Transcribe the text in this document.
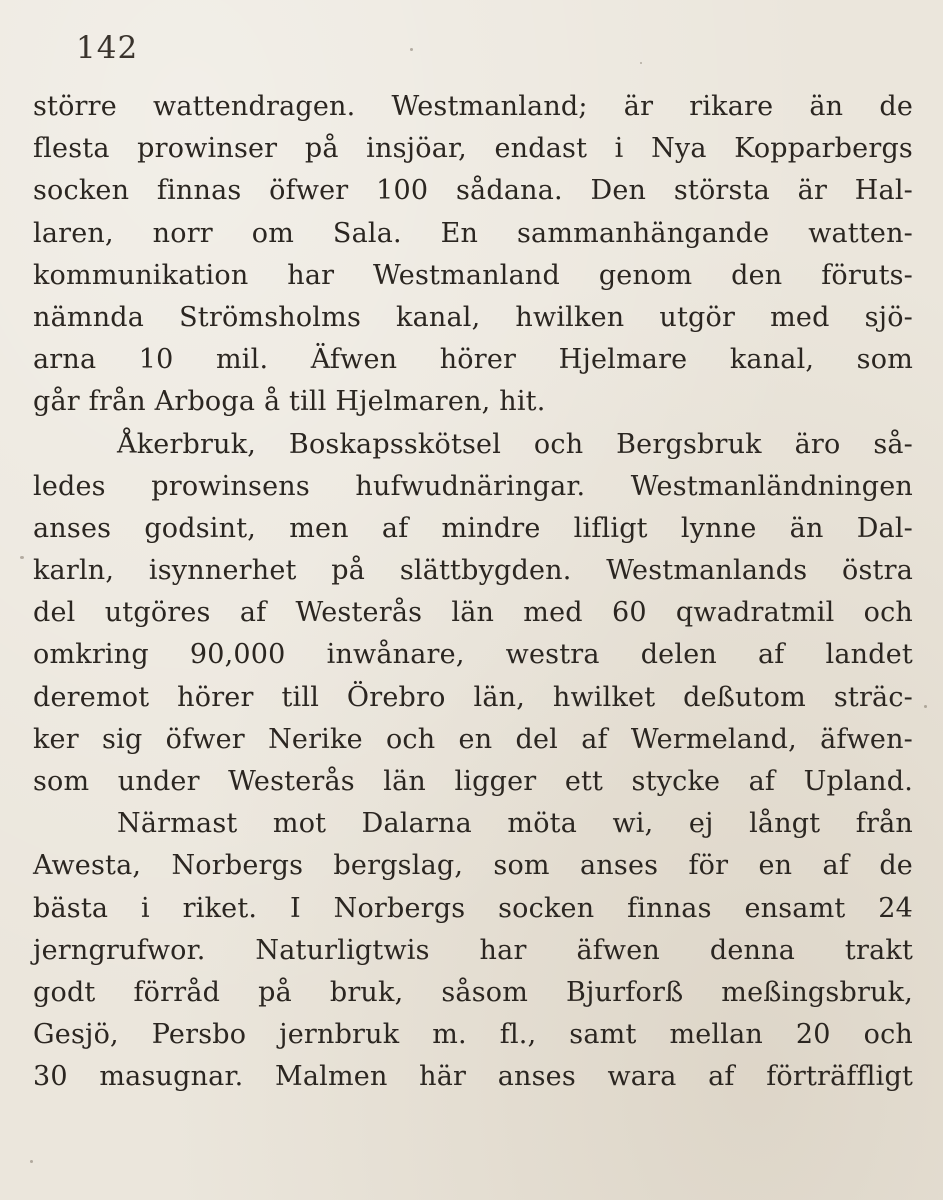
142
större wattendragen. Westmanland; är rikare än de
flesta prowinser på insjöar, endast i Nya Kopparbergs
socken finnas öfwer 100 sådana. Den största är Hal-
laren, norr om Sala. En sammanhängande watten-
kommunikation har Westmanland genom den föruts-
nämnda Strömsholms kanal, hwilken utgör med sjö-
arna 10 mil. Äfwen hörer Hjelmare kanal, som
går från Arboga å till Hjelmaren, hit.
Åkerbruk, Boskapsskötsel och Bergsbruk äro så-
ledes prowinsens hufwudnäringar. Westmanländningen
anses godsint, men af mindre lifligt lynne än Dal-
karln, isynnerhet på slättbygden. Westmanlands östra
del utgöres af Westerås län med 60 qwadratmil och
omkring 90,000 inwånare, westra delen af landet
deremot hörer till Örebro län, hwilket deßutom sträc-
ker sig öfwer Nerike och en del af Wermeland, äfwen-
som under Westerås län ligger ett stycke af Upland.
Närmast mot Dalarna möta wi, ej långt från
Awesta, Norbergs bergslag, som anses för en af de
bästa i riket. I Norbergs socken finnas ensamt 24
jerngrufwor. Naturligtwis har äfwen denna trakt
godt förråd på bruk, såsom Bjurforß meßingsbruk,
Gesjö, Persbo jernbruk m. fl., samt mellan 20 och
30 masugnar. Malmen här anses wara af förträffligt
